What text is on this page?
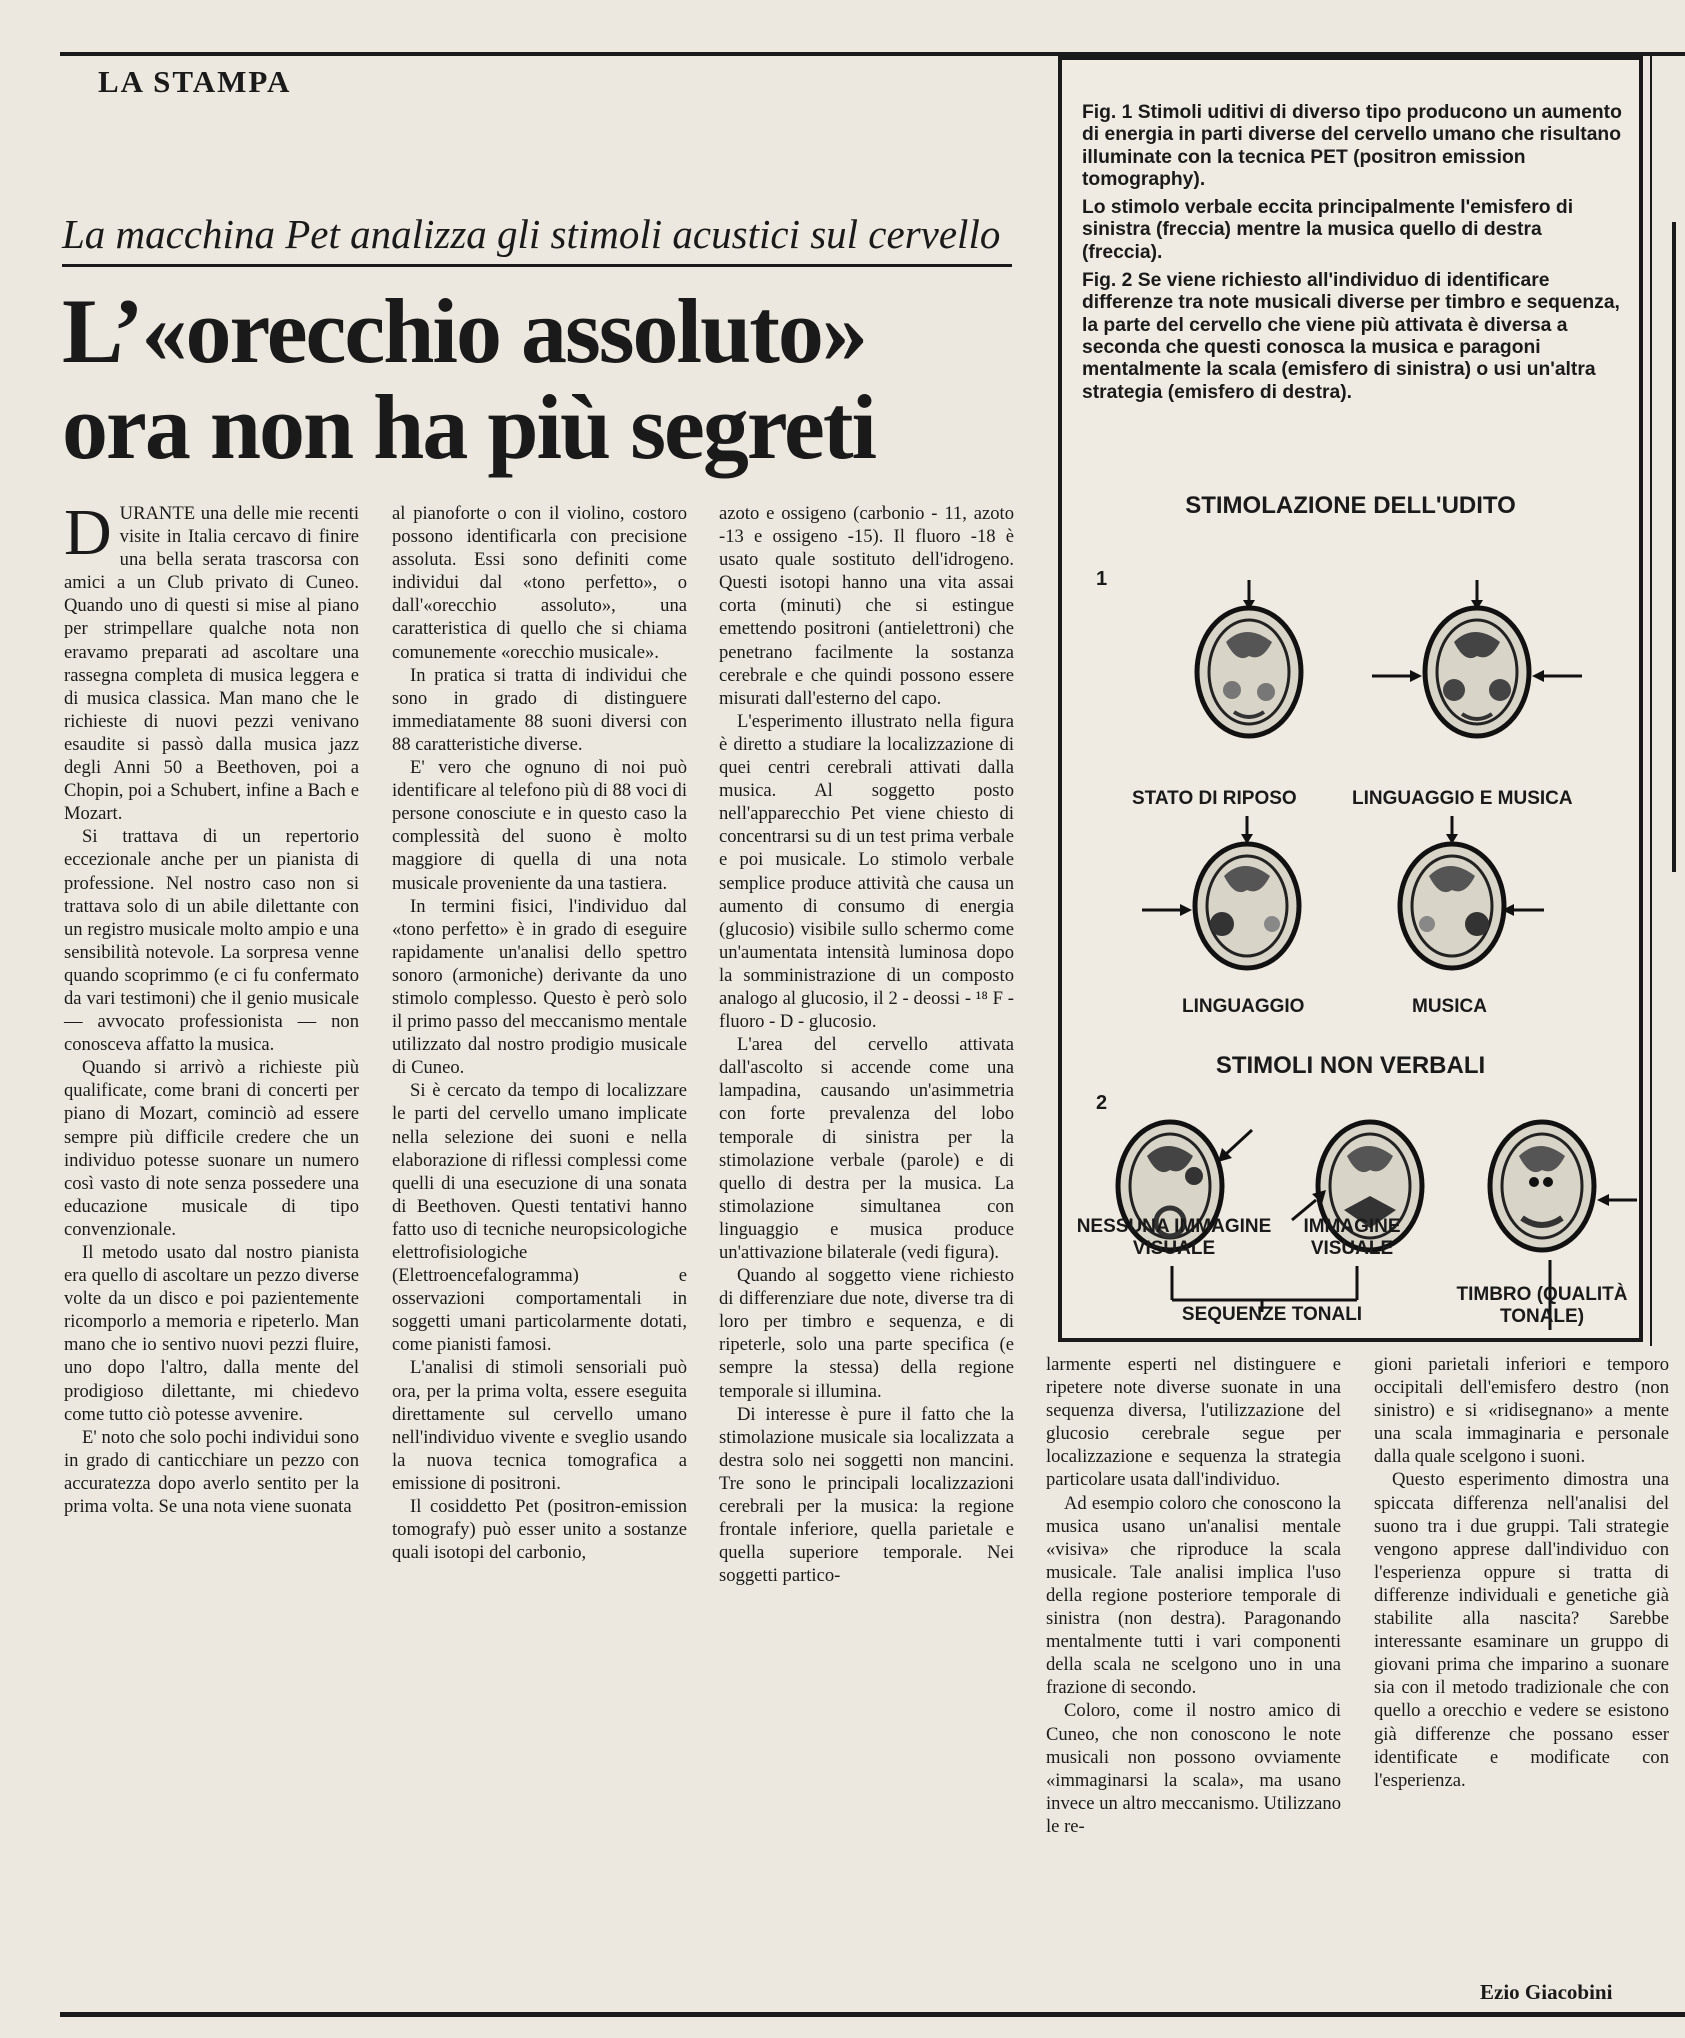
LA STAMPA
La macchina Pet analizza gli stimoli acustici sul cervello
L’«orecchio assoluto»
ora non ha più segreti

DURANTE una delle mie recenti visite in Italia cercavo di finire una bella serata trascorsa con amici a un Club privato di Cuneo. Quando uno di questi si mise al piano per strimpellare qualche nota non eravamo preparati ad ascoltare una rassegna completa di musica leggera e di musica classica. Man mano che le richieste di nuovi pezzi venivano esaudite si passò dalla musica jazz degli Anni 50 a Beethoven, poi a Chopin, poi a Schubert, infine a Bach e Mozart.

Si trattava di un repertorio eccezionale anche per un pianista di professione. Nel nostro caso non si trattava solo di un abile dilettante con un registro musicale molto ampio e una sensibilità notevole. La sorpresa venne quando scoprimmo (e ci fu confermato da vari testimoni) che il genio musicale — avvocato professionista — non conosceva affatto la musica.

Quando si arrivò a richieste più qualificate, come brani di concerti per piano di Mozart, cominciò ad essere sempre più difficile credere che un individuo potesse suonare un numero così vasto di note senza possedere una educazione musicale di tipo convenzionale.

Il metodo usato dal nostro pianista era quello di ascoltare un pezzo diverse volte da un disco e poi pazientemente ricomporlo a memoria e ripeterlo. Man mano che io sentivo nuovi pezzi fluire, uno dopo l'altro, dalla mente del prodigioso dilettante, mi chiedevo come tutto ciò potesse avvenire.

E' noto che solo pochi individui sono in grado di canticchiare un pezzo con accuratezza dopo averlo sentito per la prima volta. Se una nota viene suonata

al pianoforte o con il violino, costoro possono identificarla con precisione assoluta. Essi sono definiti come individui dal «tono perfetto», o dall'«orecchio assoluto», una caratteristica di quello che si chiama comunemente «orecchio musicale».

In pratica si tratta di individui che sono in grado di distinguere immediatamente 88 suoni diversi con 88 caratteristiche diverse.

E' vero che ognuno di noi può identificare al telefono più di 88 voci di persone conosciute e in questo caso la complessità del suono è molto maggiore di quella di una nota musicale proveniente da una tastiera.

In termini fisici, l'individuo dal «tono perfetto» è in grado di eseguire rapidamente un'analisi dello spettro sonoro (armoniche) derivante da uno stimolo complesso. Questo è però solo il primo passo del meccanismo mentale utilizzato dal nostro prodigio musicale di Cuneo.

Si è cercato da tempo di localizzare le parti del cervello umano implicate nella selezione dei suoni e nella elaborazione di riflessi complessi come quelli di una esecuzione di una sonata di Beethoven. Questi tentativi hanno fatto uso di tecniche neuropsicologiche elettrofisiologiche (Elettroencefalogramma) e osservazioni comportamentali in soggetti umani particolarmente dotati, come pianisti famosi.

L'analisi di stimoli sensoriali può ora, per la prima volta, essere eseguita direttamente sul cervello umano nell'individuo vivente e sveglio usando la nuova tecnica tomografica a emissione di positroni.

Il cosiddetto Pet (positron-emission tomografy) può esser unito a sostanze quali isotopi del carbonio,

azoto e ossigeno (carbonio - 11, azoto -13 e ossigeno -15). Il fluoro -18 è usato quale sostituto dell'idrogeno. Questi isotopi hanno una vita assai corta (minuti) che si estingue emettendo positroni (antielettroni) che penetrano facilmente la sostanza cerebrale e che quindi possono essere misurati dall'esterno del capo.

L'esperimento illustrato nella figura è diretto a studiare la localizzazione di quei centri cerebrali attivati dalla musica. Al soggetto posto nell'apparecchio Pet viene chiesto di concentrarsi su di un test prima verbale e poi musicale. Lo stimolo verbale semplice produce attività che causa un aumento di consumo di energia (glucosio) visibile sullo schermo come un'aumentata intensità luminosa dopo la somministrazione di un composto analogo al glucosio, il 2 - deossi - ¹⁸ F - fluoro - D - glucosio.

L'area del cervello attivata dall'ascolto si accende come una lampadina, causando un'asimmetria con forte prevalenza del lobo temporale di sinistra per la stimolazione verbale (parole) e di quello di destra per la musica. La stimolazione simultanea con linguaggio e musica produce un'attivazione bilaterale (vedi figura).

Quando al soggetto viene richiesto di differenziare due note, diverse tra di loro per timbro e sequenza, e di ripeterle, solo una parte specifica (e sempre la stessa) della regione temporale si illumina.

Di interesse è pure il fatto che la stimolazione musicale sia localizzata a destra solo nei soggetti non mancini. Tre sono le principali localizzazioni cerebrali per la musica: la regione frontale inferiore, quella parietale e quella superiore temporale. Nei soggetti partico-

larmente esperti nel distinguere e ripetere note diverse suonate in una sequenza diversa, l'utilizzazione del glucosio cerebrale segue per localizzazione e sequenza la strategia particolare usata dall'individuo.

Ad esempio coloro che conoscono la musica usano un'analisi mentale «visiva» che riproduce la scala musicale. Tale analisi implica l'uso della regione posteriore temporale di sinistra (non destra). Paragonando mentalmente tutti i vari componenti della scala ne scelgono uno in una frazione di secondo.

Coloro, come il nostro amico di Cuneo, che non conoscono le note musicali non possono ovviamente «immaginarsi la scala», ma usano invece un altro meccanismo. Utilizzano le re-

gioni parietali inferiori e temporo occipitali dell'emisfero destro (non sinistro) e si «ridisegnano» a mente una scala immaginaria e personale dalla quale scelgono i suoni.

Questo esperimento dimostra una spiccata differenza nell'analisi del suono tra i due gruppi. Tali strategie vengono apprese dall'individuo con l'esperienza oppure si tratta di differenze individuali e genetiche già stabilite alla nascita? Sarebbe interessante esaminare un gruppo di giovani prima che imparino a suonare sia con il metodo tradizionale che con quello a orecchio e vedere se esistono già differenze che possano esser identificate e modificate con l'esperienza.

Ezio Giacobini

Fig. 1 Stimoli uditivi di diverso tipo producono un aumento di energia in parti diverse del cervello umano che risultano illuminate con la tecnica PET (positron emission tomography).

Lo stimolo verbale eccita principalmente l'emisfero di sinistra (freccia) mentre la musica quello di destra (freccia).

Fig. 2 Se viene richiesto all'individuo di identificare differenze tra note musicali diverse per timbro e sequenza, la parte del cervello che viene più attivata è diversa a seconda che questi conosca la musica e paragoni mentalmente la scala (emisfero di sinistra) o usi un'altra strategia (emisfero di destra).

STIMOLAZIONE DELL'UDITO
1
STATO DI RIPOSO	LINGUAGGIO E MUSICA
LINGUAGGIO	MUSICA
STIMOLI NON VERBALI
2
NESSUNA IMMAGINE VISUALE
IMMAGINE VISUALE
SEQUENZE TONALI
TIMBRO (QUALITÀ TONALE)
